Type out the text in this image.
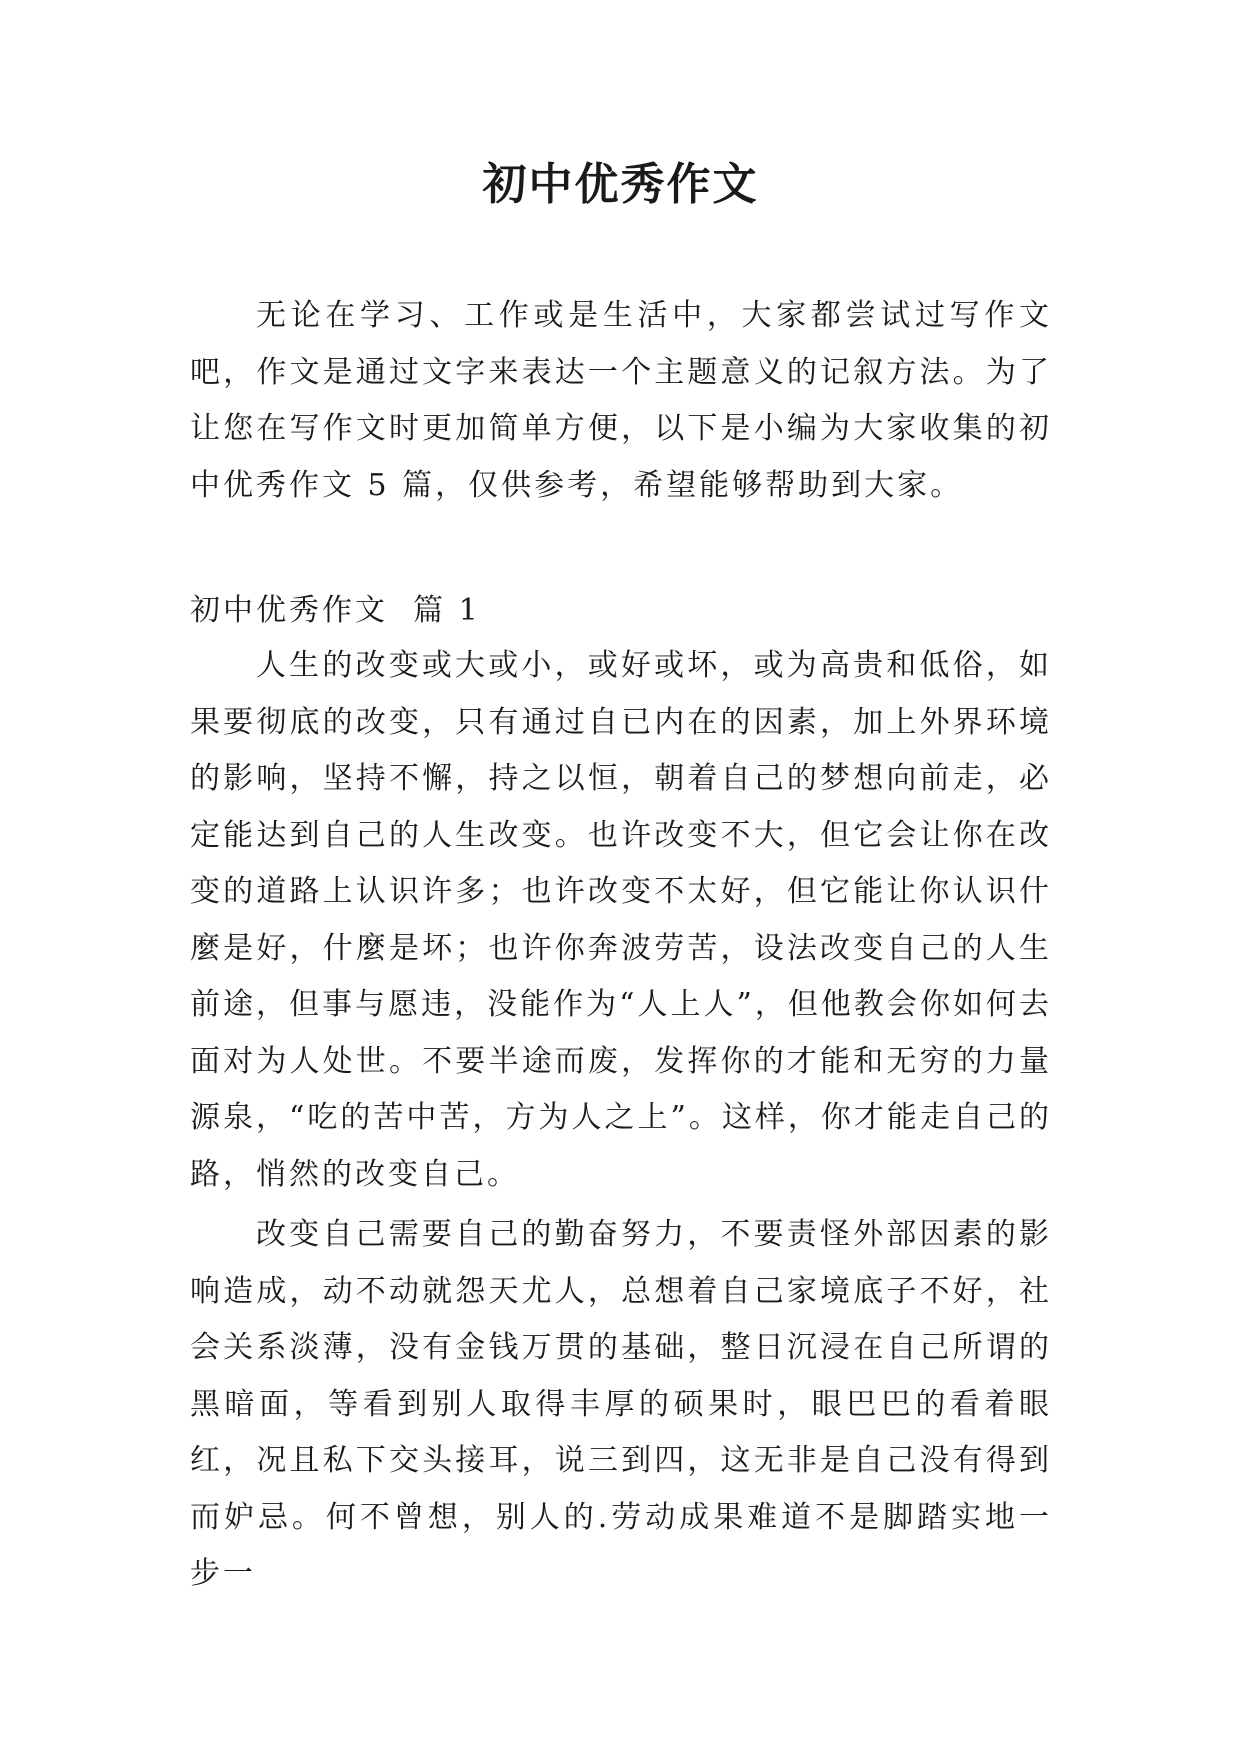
初中优秀作文

无论在学习、工作或是生活中，大家都尝试过写作文吧，作文是通过文字来表达一个主题意义的记叙方法。为了让您在写作文时更加简单方便，以下是小编为大家收集的初中优秀作文 5 篇，仅供参考，希望能够帮助到大家。

初中优秀作文  篇 1

人生的改变或大或小，或好或坏，或为高贵和低俗，如果要彻底的改变，只有通过自已内在的因素，加上外界环境的影响，坚持不懈，持之以恒，朝着自己的梦想向前走，必定能达到自己的人生改变。也许改变不大，但它会让你在改变的道路上认识许多；也许改变不太好，但它能让你认识什麼是好，什麼是坏；也许你奔波劳苦，设法改变自己的人生前途，但事与愿违，没能作为“人上人”，但他教会你如何去面对为人处世。不要半途而废，发挥你的才能和无穷的力量源泉，“吃的苦中苦，方为人之上”。这样，你才能走自己的路，悄然的改变自己。

改变自己需要自己的勤奋努力，不要责怪外部因素的影响造成，动不动就怨天尤人，总想着自己家境底子不好，社会关系淡薄，没有金钱万贯的基础，整日沉浸在自己所谓的黑暗面，等看到别人取得丰厚的硕果时，眼巴巴的看着眼红，况且私下交头接耳，说三到四，这无非是自己没有得到而妒忌。何不曾想，别人的.劳动成果难道不是脚踏实地一步一
